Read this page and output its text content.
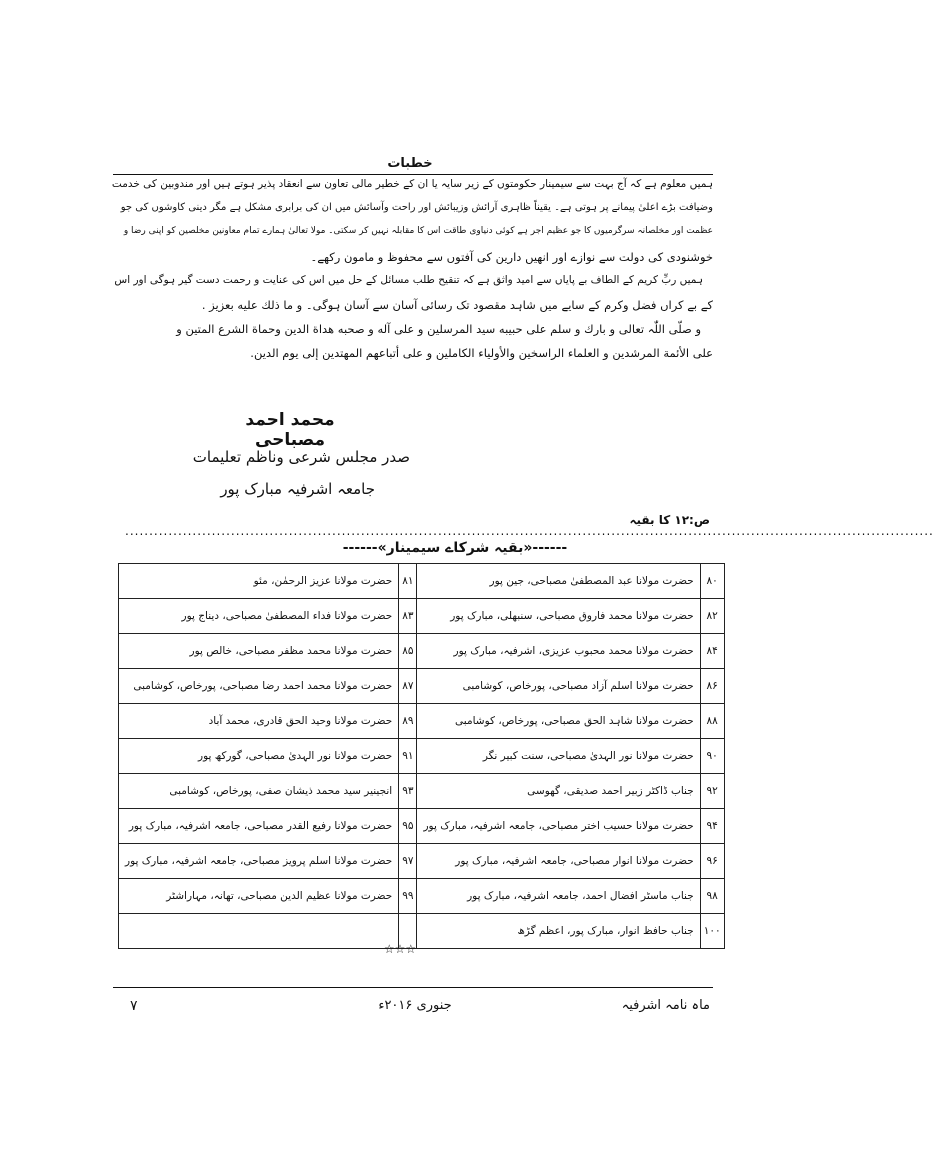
خطبات
ہمیں معلوم ہے کہ آج بہت سے سیمینار حکومتوں کے زیر سایہ یا ان کے خطیر مالی تعاون سے انعقاد پذیر ہوتے ہیں اور مندوبین کی خدمت
وضیافت بڑے اعلیٰ پیمانے پر ہوتی ہے۔ یقیناً ظاہری آرائش وزیبائش اور راحت وآسائش میں ان کی برابری مشکل ہے مگر دینی کاوشوں کی جو
عظمت اور مخلصانہ سرگرمیوں کا جو عظیم اجر ہے کوئی دنیاوی طاقت اس کا مقابلہ نہیں کر سکتی۔ مولا تعالیٰ ہمارے تمام معاونین مخلصین کو اپنی رضا و
خوشنودی کی دولت سے نوازے اور انھیں دارین کی آفتوں سے محفوظ و مامون رکھے۔
ہمیں ربِّ کریم کے الطاف بے پایاں سے امید واثق ہے کہ تنقیح طلب مسائل کے حل میں اس کی عنایت و رحمت دست گیر ہوگی اور اس
کے بے کراں فضل وکرم کے سایے میں شاہد مقصود تک رسائی آسان سے آسان ہوگی۔ و ما ذلك علیه بعزیز .
و صلّی اللّٰہ تعالی و بارك و سلم علی حبیبه سید المرسلین و علی آله و صحبه ھداة الدین وحماة الشرع المتین و
علی الأئمة المرشدین و العلماء الراسخین والأولیاء الکاملین و علی أتباعھم المھتدین إلی یوم الدین.
محمد احمد مصباحی
صدر مجلس شرعی وناظم تعلیمات
جامعہ اشرفیہ مبارک پور
ص:۱۲ کا بقیہ
........................................................................................................................................................................
------«بقیہ شرکاے سیمینار»------
۸۰	حضرت مولانا عبد المصطفیٰ مصباحی، جین پور	۸۱	حضرت مولانا عزیز الرحمٰن، مئو
۸۲	حضرت مولانا محمد فاروق مصباحی، سنبھلی، مبارک پور	۸۳	حضرت مولانا فداء المصطفیٰ مصباحی، دیناج پور
۸۴	حضرت مولانا محمد محبوب عزیزی، اشرفیہ، مبارک پور	۸۵	حضرت مولانا محمد مظفر مصباحی، خالص پور
۸۶	حضرت مولانا اسلم آزاد مصباحی، پورخاص، کوشامبی	۸۷	حضرت مولانا محمد احمد رضا مصباحی، پورخاص، کوشامبی
۸۸	حضرت مولانا شاہد الحق مصباحی، پورخاص، کوشامبی	۸۹	حضرت مولانا وحید الحق قادری، محمد آباد
۹۰	حضرت مولانا نور الہدیٰ مصباحی، سنت کبیر نگر	۹۱	حضرت مولانا نور الہدیٰ مصباحی، گورکھ پور
۹۲	جناب ڈاکٹر زبیر احمد صدیقی، گھوسی	۹۳	انجینیر سید محمد ذیشان صفی، پورخاص، کوشامبی
۹۴	حضرت مولانا حسیب اختر مصباحی، جامعہ اشرفیہ، مبارک پور	۹۵	حضرت مولانا رفیع القدر مصباحی، جامعہ اشرفیہ، مبارک پور
۹۶	حضرت مولانا انوار مصباحی، جامعہ اشرفیہ، مبارک پور	۹۷	حضرت مولانا اسلم پرویز مصباحی، جامعہ اشرفیہ، مبارک پور
۹۸	جناب ماسٹر افضال احمد، جامعہ اشرفیہ، مبارک پور	۹۹	حضرت مولانا عظیم الدین مصباحی، تھانہ، مہاراشٹر
۱۰۰	جناب حافظ انوار، مبارک پور، اعظم گڑھ		
☆☆☆
۷	جنوری ۲۰۱۶ء	ماہ نامہ اشرفیہ
